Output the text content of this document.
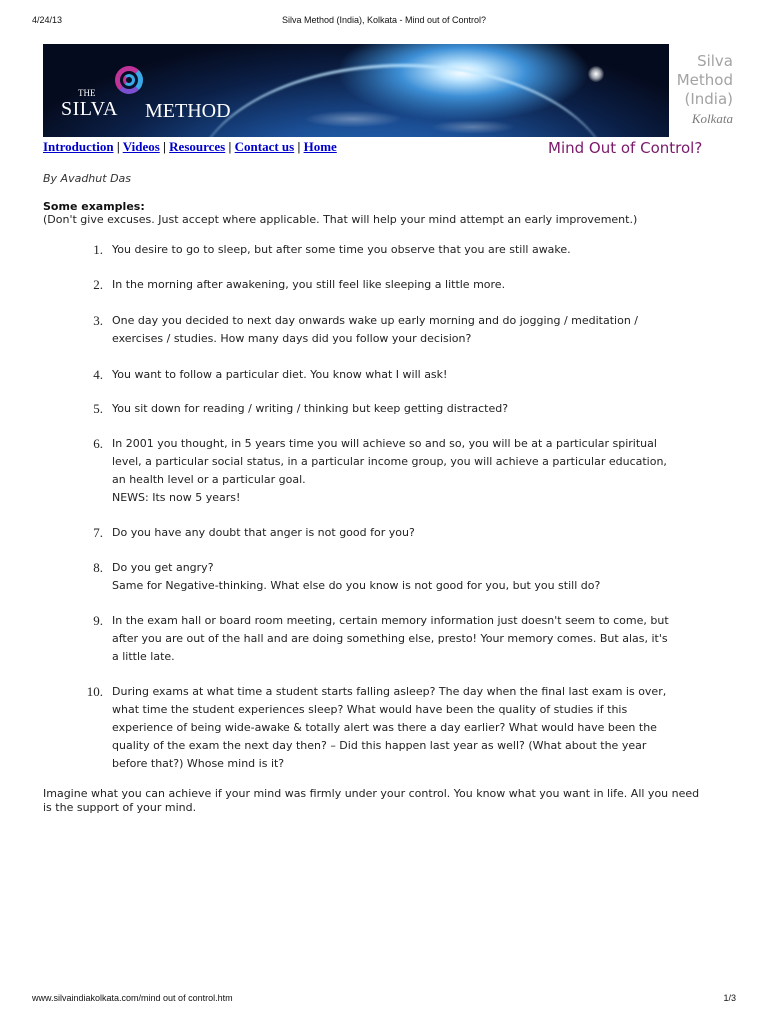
4/24/13	Silva Method (India), Kolkata - Mind out of Control?
THE
SILVA METHOD
Silva
Method
(India)
Kolkata
Introduction | Videos | Resources | Contact us | Home	Mind Out of Control?
By Avadhut Das
Some examples:
(Don't give excuses. Just accept where applicable. That will help your mind attempt an early improvement.)
1. You desire to go to sleep, but after some time you observe that you are still awake.
2. In the morning after awakening, you still feel like sleeping a little more.
3. One day you decided to next day onwards wake up early morning and do jogging / meditation /
exercises / studies. How many days did you follow your decision?
4. You want to follow a particular diet. You know what I will ask!
5. You sit down for reading / writing / thinking but keep getting distracted?
6. In 2001 you thought, in 5 years time you will achieve so and so, you will be at a particular spiritual
level, a particular social status, in a particular income group, you will achieve a particular education,
an health level or a particular goal.
NEWS: Its now 5 years!
7. Do you have any doubt that anger is not good for you?
8. Do you get angry?
Same for Negative-thinking. What else do you know is not good for you, but you still do?
9. In the exam hall or board room meeting, certain memory information just doesn't seem to come, but
after you are out of the hall and are doing something else, presto! Your memory comes. But alas, it's
a little late.
10. During exams at what time a student starts falling asleep? The day when the final last exam is over,
what time the student experiences sleep? What would have been the quality of studies if this
experience of being wide-awake & totally alert was there a day earlier? What would have been the
quality of the exam the next day then? – Did this happen last year as well? (What about the year
before that?) Whose mind is it?
Imagine what you can achieve if your mind was firmly under your control. You know what you want in life. All you need
is the support of your mind.
www.silvaindiakolkata.com/mind out of control.htm	1/3
